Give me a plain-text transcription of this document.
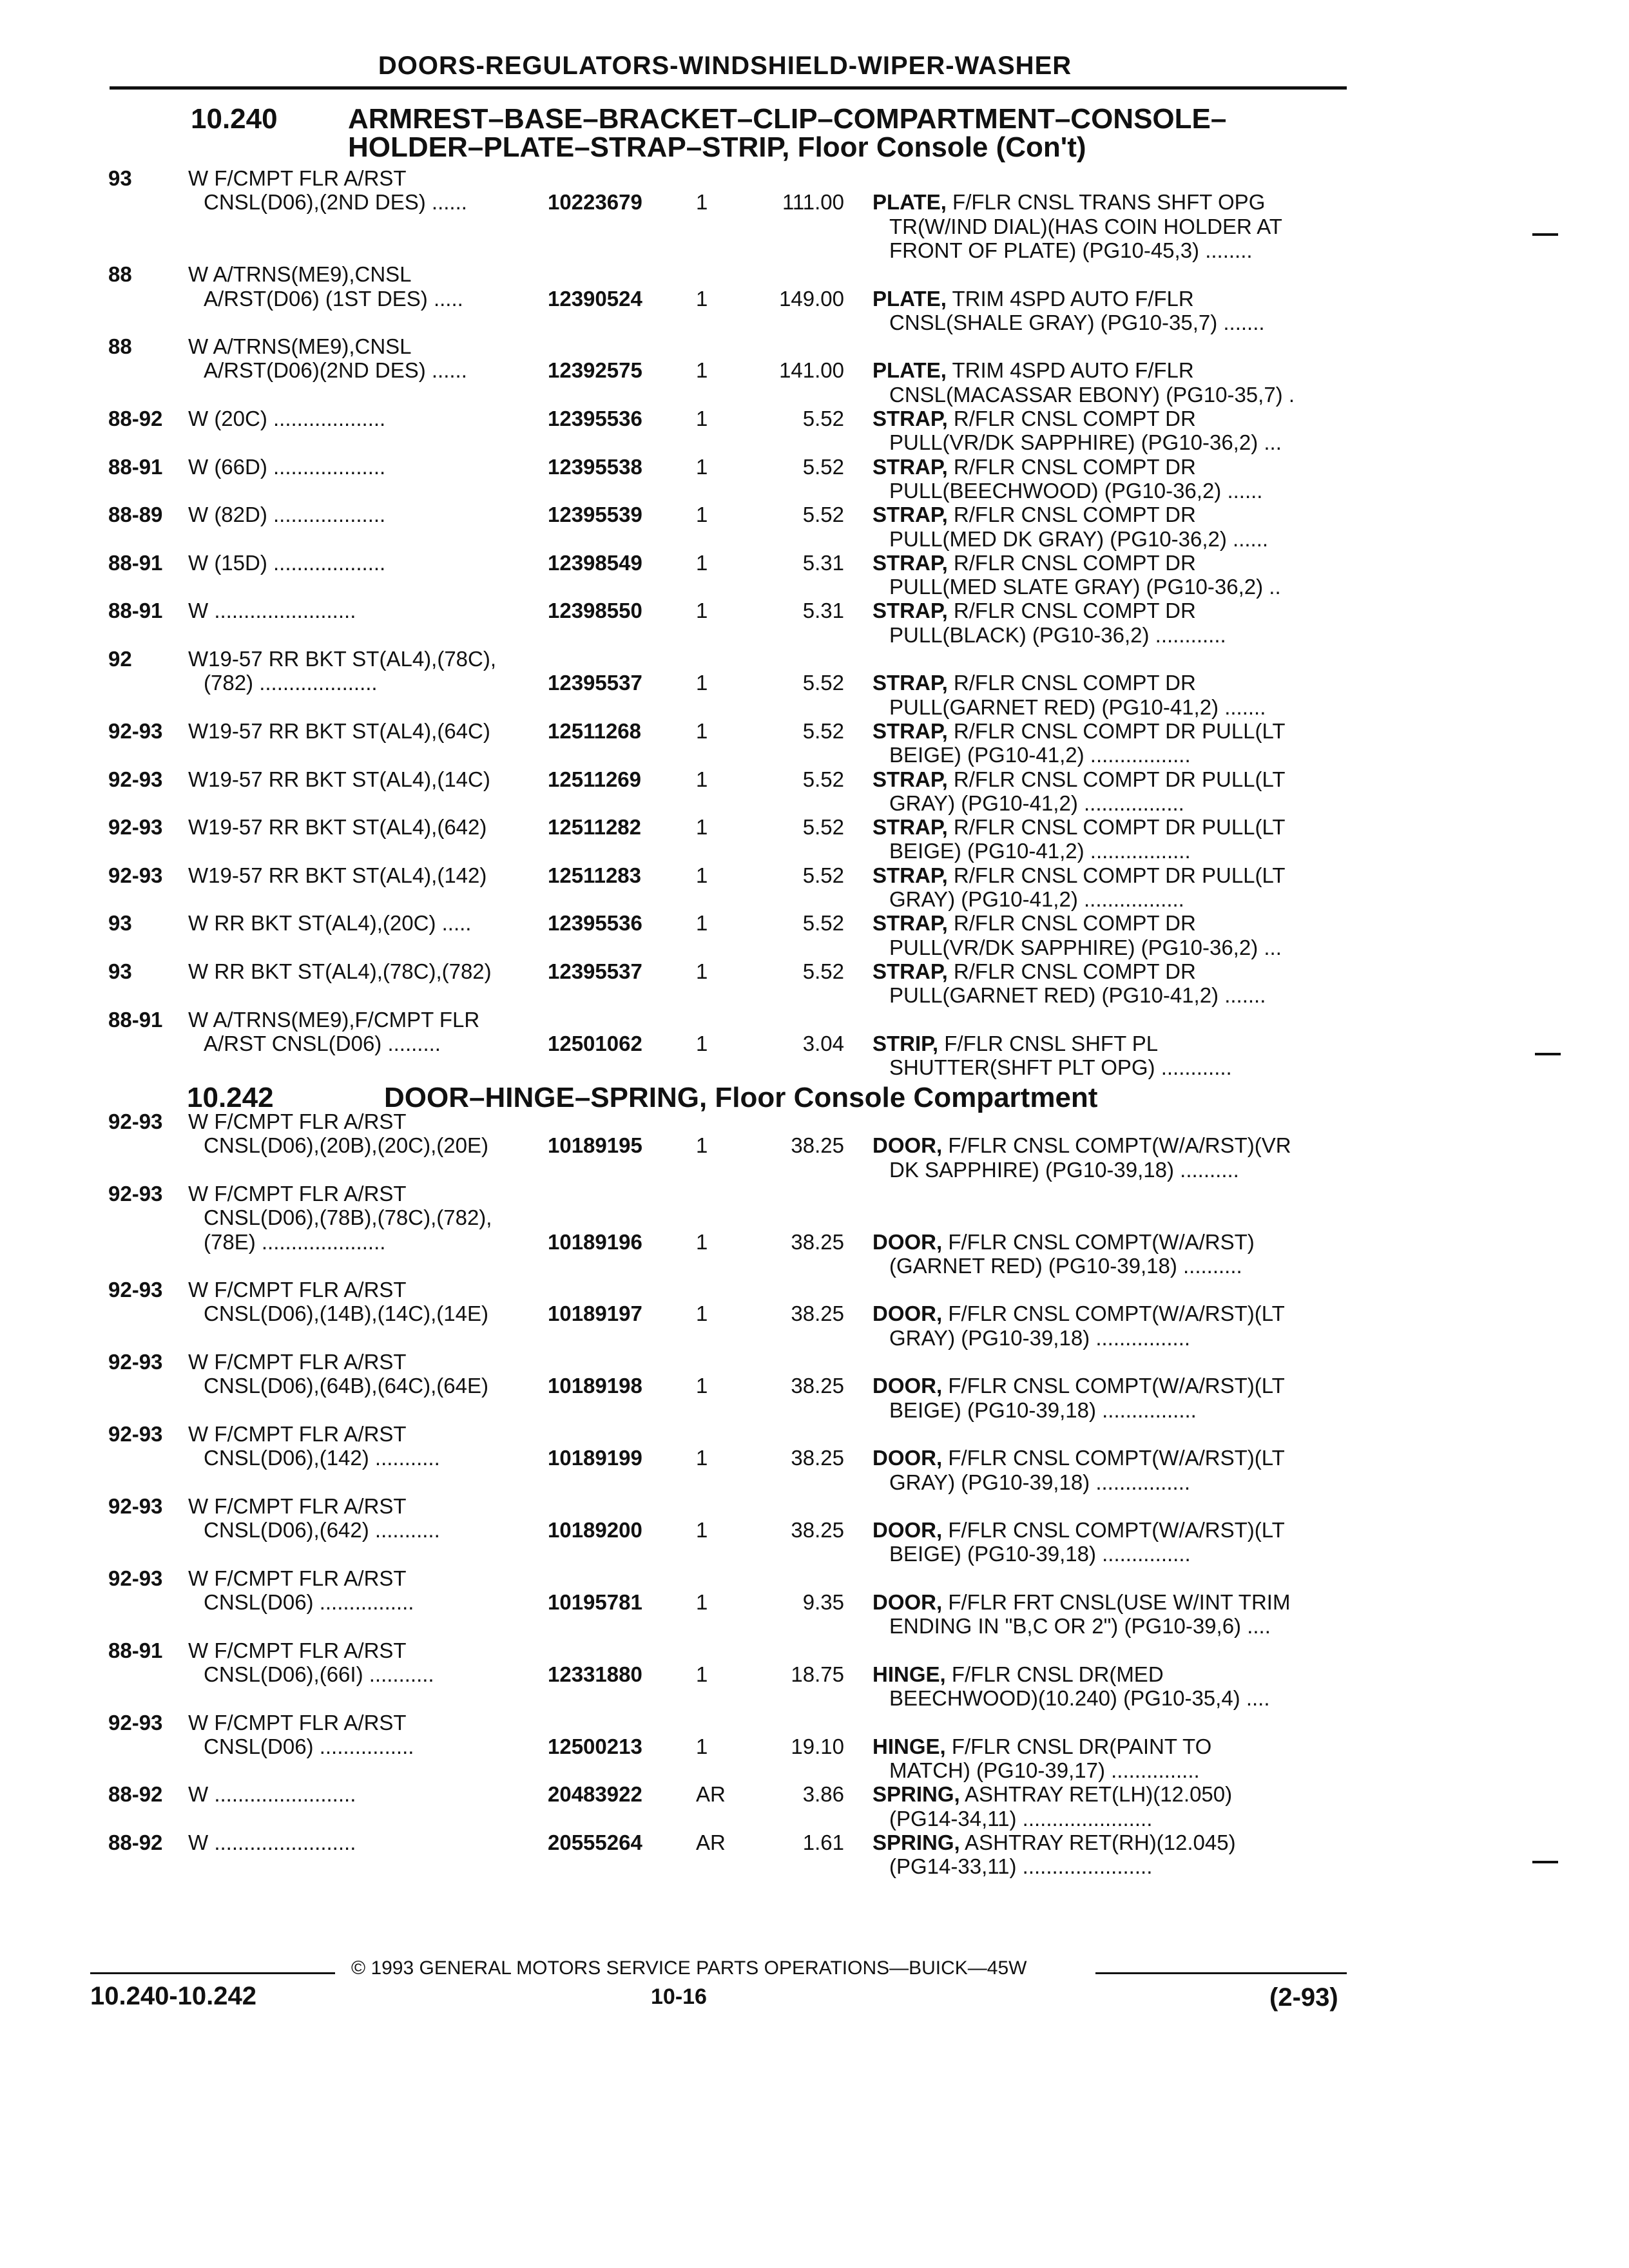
DOORS-REGULATORS-WINDSHIELD-WIPER-WASHER
10.240 ARMREST–BASE–BRACKET–CLIP–COMPARTMENT–CONSOLE–
HOLDER–PLATE–STRAP–STRIP, Floor Console (Con't)
93	W F/CMPT FLR A/RST
CNSL(D06),(2ND DES) ......	10223679	1	111.00 PLATE, F/FLR CNSL TRANS SHFT OPG
TR(W/IND DIAL)(HAS COIN HOLDER AT
FRONT OF PLATE) (PG10-45,3) ........
88	W A/TRNS(ME9),CNSL
A/RST(D06) (1ST DES) .....	12390524	1	149.00 PLATE, TRIM 4SPD AUTO F/FLR
CNSL(SHALE GRAY) (PG10-35,7) .......
88	W A/TRNS(ME9),CNSL
A/RST(D06)(2ND DES) ......	12392575	1	141.00 PLATE, TRIM 4SPD AUTO F/FLR
CNSL(MACASSAR EBONY) (PG10-35,7) .
88-92 W (20C) ...................	12395536	1	5.52 STRAP, R/FLR CNSL COMPT DR
PULL(VR/DK SAPPHIRE) (PG10-36,2) ...
88-91 W (66D) ...................	12395538	1	5.52 STRAP, R/FLR CNSL COMPT DR
PULL(BEECHWOOD) (PG10-36,2) ......
88-89 W (82D) ...................	12395539	1	5.52 STRAP, R/FLR CNSL COMPT DR
PULL(MED DK GRAY) (PG10-36,2) ......
88-91 W (15D) ...................	12398549	1	5.31 STRAP, R/FLR CNSL COMPT DR
PULL(MED SLATE GRAY) (PG10-36,2) ..
88-91 W ........................	12398550	1	5.31 STRAP, R/FLR CNSL COMPT DR
PULL(BLACK) (PG10-36,2) ............
92	W19-57 RR BKT ST(AL4),(78C),
(782) ....................	12395537	1	5.52 STRAP, R/FLR CNSL COMPT DR
PULL(GARNET RED) (PG10-41,2) .......
92-93 W19-57 RR BKT ST(AL4),(64C)	12511268	1	5.52 STRAP, R/FLR CNSL COMPT DR PULL(LT
BEIGE) (PG10-41,2) .................
92-93 W19-57 RR BKT ST(AL4),(14C)	12511269	1	5.52 STRAP, R/FLR CNSL COMPT DR PULL(LT
GRAY) (PG10-41,2) .................
92-93 W19-57 RR BKT ST(AL4),(642)	12511282	1	5.52 STRAP, R/FLR CNSL COMPT DR PULL(LT
BEIGE) (PG10-41,2) .................
92-93 W19-57 RR BKT ST(AL4),(142)	12511283	1	5.52 STRAP, R/FLR CNSL COMPT DR PULL(LT
GRAY) (PG10-41,2) .................
93	W RR BKT ST(AL4),(20C) .....	12395536	1	5.52 STRAP, R/FLR CNSL COMPT DR
PULL(VR/DK SAPPHIRE) (PG10-36,2) ...
93	W RR BKT ST(AL4),(78C),(782)	12395537	1	5.52 STRAP, R/FLR CNSL COMPT DR
PULL(GARNET RED) (PG10-41,2) .......
88-91 W A/TRNS(ME9),F/CMPT FLR
A/RST CNSL(D06) .........	12501062	1	3.04 STRIP, F/FLR CNSL SHFT PL
SHUTTER(SHFT PLT OPG) ............
92-93 W F/CMPT FLR A/RST
CNSL(D06),(20B),(20C),(20E)	10189195	1	38.25 DOOR, F/FLR CNSL COMPT(W/A/RST)(VR
DK SAPPHIRE) (PG10-39,18) ..........
92-93 W F/CMPT FLR A/RST
CNSL(D06),(78B),(78C),(782),
(78E) .....................	10189196	1	38.25 DOOR, F/FLR CNSL COMPT(W/A/RST)
(GARNET RED) (PG10-39,18) ..........
92-93 W F/CMPT FLR A/RST
CNSL(D06),(14B),(14C),(14E)	10189197	1	38.25 DOOR, F/FLR CNSL COMPT(W/A/RST)(LT
GRAY) (PG10-39,18) ................
92-93 W F/CMPT FLR A/RST
CNSL(D06),(64B),(64C),(64E)	10189198	1	38.25 DOOR, F/FLR CNSL COMPT(W/A/RST)(LT
BEIGE) (PG10-39,18) ................
92-93 W F/CMPT FLR A/RST
CNSL(D06),(142) ...........	10189199	1	38.25 DOOR, F/FLR CNSL COMPT(W/A/RST)(LT
GRAY) (PG10-39,18) ................
92-93 W F/CMPT FLR A/RST
CNSL(D06),(642) ...........	10189200	1	38.25 DOOR, F/FLR CNSL COMPT(W/A/RST)(LT
BEIGE) (PG10-39,18) ...............
92-93 W F/CMPT FLR A/RST
CNSL(D06) ................	10195781	1	9.35 DOOR, F/FLR FRT CNSL(USE W/INT TRIM
ENDING IN "B,C OR 2") (PG10-39,6) ....
88-91 W F/CMPT FLR A/RST
CNSL(D06),(66I) ...........	12331880	1	18.75 HINGE, F/FLR CNSL DR(MED
BEECHWOOD)(10.240) (PG10-35,4) ....
92-93 W F/CMPT FLR A/RST
CNSL(D06) ................	12500213	1	19.10 HINGE, F/FLR CNSL DR(PAINT TO
MATCH) (PG10-39,17) ...............
88-92 W ........................	20483922	AR	3.86 SPRING, ASHTRAY RET(LH)(12.050)
(PG14-34,11) ......................
88-92 W ........................	20555264	AR	1.61 SPRING, ASHTRAY RET(RH)(12.045)
(PG14-33,11) ......................
10.242	DOOR–HINGE–SPRING, Floor Console Compartment
© 1993 GENERAL MOTORS SERVICE PARTS OPERATIONS—BUICK—45W
10.240-10.242	10-16	(2-93)
